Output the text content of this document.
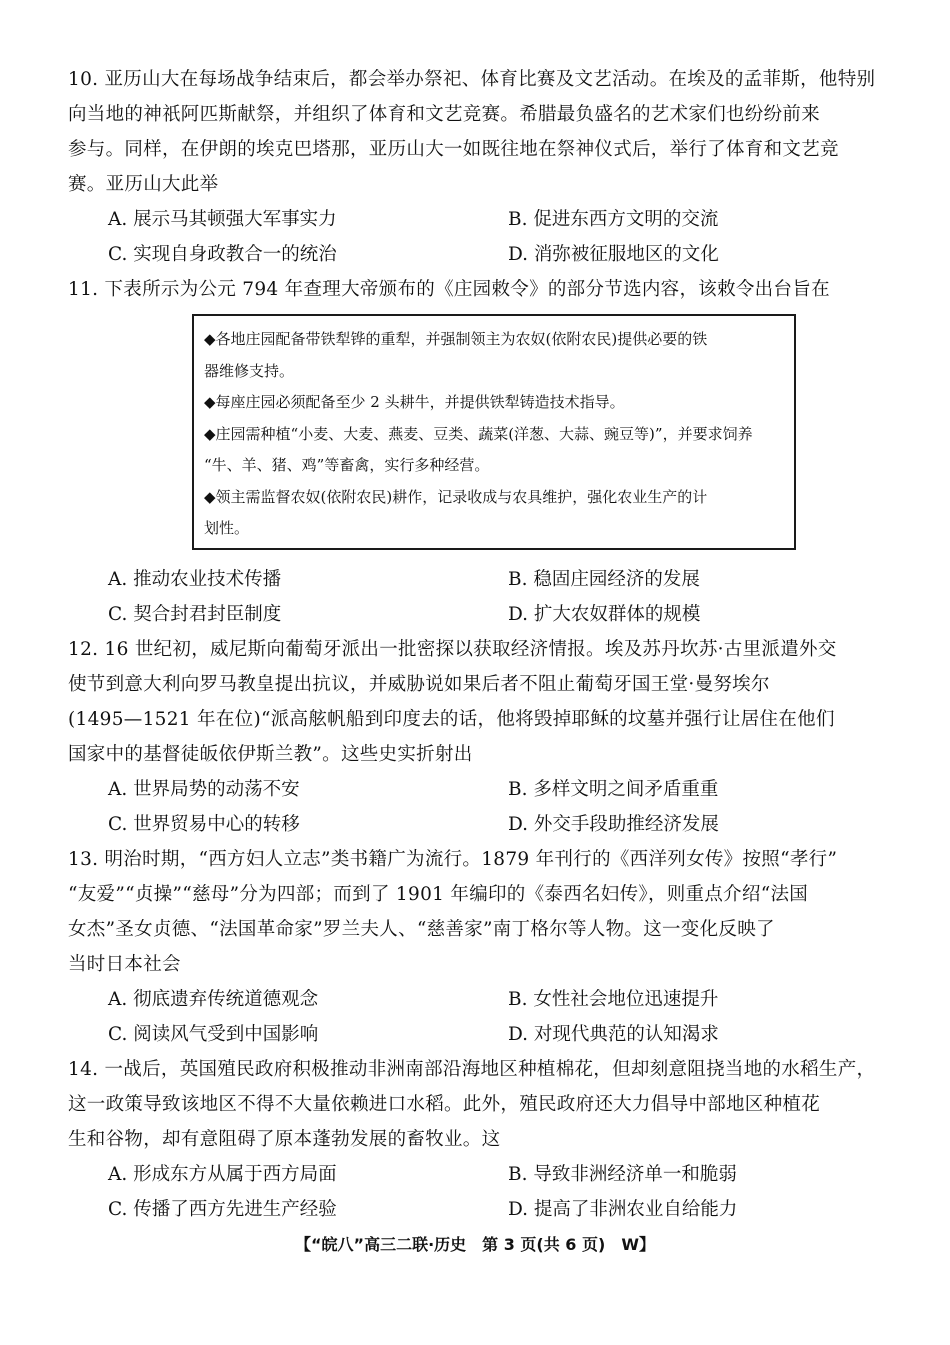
10. 亚历山大在每场战争结束后，都会举办祭祀、体育比赛及文艺活动。在埃及的孟菲斯，他特别
向当地的神祇阿匹斯献祭，并组织了体育和文艺竞赛。希腊最负盛名的艺术家们也纷纷前来
参与。同样，在伊朗的埃克巴塔那，亚历山大一如既往地在祭神仪式后，举行了体育和文艺竞
赛。亚历山大此举
A. 展示马其顿强大军事实力	B. 促进东西方文明的交流
C. 实现自身政教合一的统治	D. 消弥被征服地区的文化
11. 下表所示为公元 794 年查理大帝颁布的《庄园敕令》的部分节选内容，该敕令出台旨在
◆各地庄园配备带铁犁铧的重犁，并强制领主为农奴(依附农民)提供必要的铁
器维修支持。
◆每座庄园必须配备至少 2 头耕牛，并提供铁犁铸造技术指导。
◆庄园需种植“小麦、大麦、燕麦、豆类、蔬菜(洋葱、大蒜、豌豆等)”，并要求饲养
“牛、羊、猪、鸡”等畜禽，实行多种经营。
◆领主需监督农奴(依附农民)耕作，记录收成与农具维护，强化农业生产的计
划性。
A. 推动农业技术传播	B. 稳固庄园经济的发展
C. 契合封君封臣制度	D. 扩大农奴群体的规模
12. 16 世纪初，威尼斯向葡萄牙派出一批密探以获取经济情报。埃及苏丹坎苏·古里派遣外交
使节到意大利向罗马教皇提出抗议，并威胁说如果后者不阻止葡萄牙国王堂·曼努埃尔
(1495—1521 年在位)“派高舷帆船到印度去的话，他将毁掉耶稣的坟墓并强行让居住在他们
国家中的基督徒皈依伊斯兰教”。这些史实折射出
A. 世界局势的动荡不安	B. 多样文明之间矛盾重重
C. 世界贸易中心的转移	D. 外交手段助推经济发展
13. 明治时期，“西方妇人立志”类书籍广为流行。1879 年刊行的《西洋列女传》按照“孝行”
“友爱”“贞操”“慈母”分为四部；而到了 1901 年编印的《泰西名妇传》，则重点介绍“法国
女杰”圣女贞德、“法国革命家”罗兰夫人、“慈善家”南丁格尔等人物。这一变化反映了
当时日本社会
A. 彻底遗弃传统道德观念	B. 女性社会地位迅速提升
C. 阅读风气受到中国影响	D. 对现代典范的认知渴求
14. 一战后，英国殖民政府积极推动非洲南部沿海地区种植棉花，但却刻意阻挠当地的水稻生产，
这一政策导致该地区不得不大量依赖进口水稻。此外，殖民政府还大力倡导中部地区种植花
生和谷物，却有意阻碍了原本蓬勃发展的畜牧业。这
A. 形成东方从属于西方局面	B. 导致非洲经济单一和脆弱
C. 传播了西方先进生产经验	D. 提高了非洲农业自给能力
【“皖八”高三二联·历史　第 3 页(共 6 页)　W】
